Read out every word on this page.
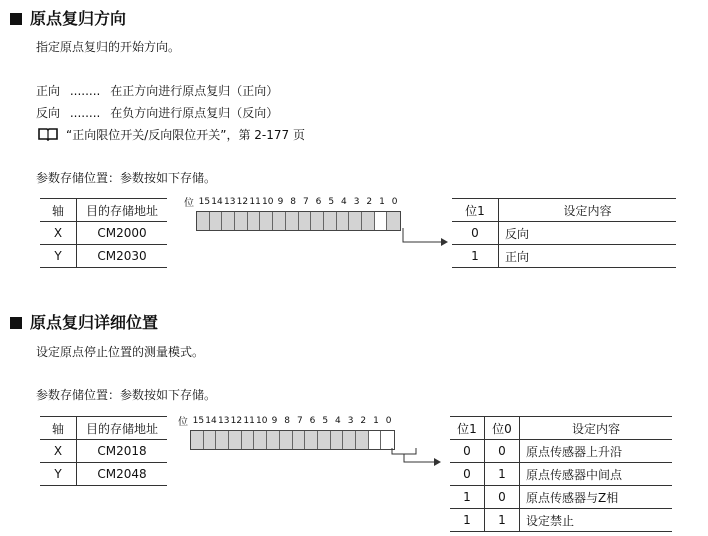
原点复归方向
指定原点复归的开始方向。
正向 ........ 在正方向进行原点复归（正向）
反向 ........ 在负方向进行原点复归（反向）
“正向限位开关/反向限位开关”，第 2-177 页
参数存储位置：参数按如下存储。
轴	目的存储地址
X	CM2000
Y	CM2030
位 15 14 13 12 11 10 9 8 7 6 5 4 3 2 1 0
位1	设定内容
0	反向
1	正向
原点复归详细位置
设定原点停止位置的测量模式。
参数存储位置：参数按如下存储。
轴	目的存储地址
X	CM2018
Y	CM2048
位 15 14 13 12 11 10 9 8 7 6 5 4 3 2 1 0
位1	位0	设定内容
0	0	原点传感器上升沿
0	1	原点传感器中间点
1	0	原点传感器与Z相
1	1	设定禁止
